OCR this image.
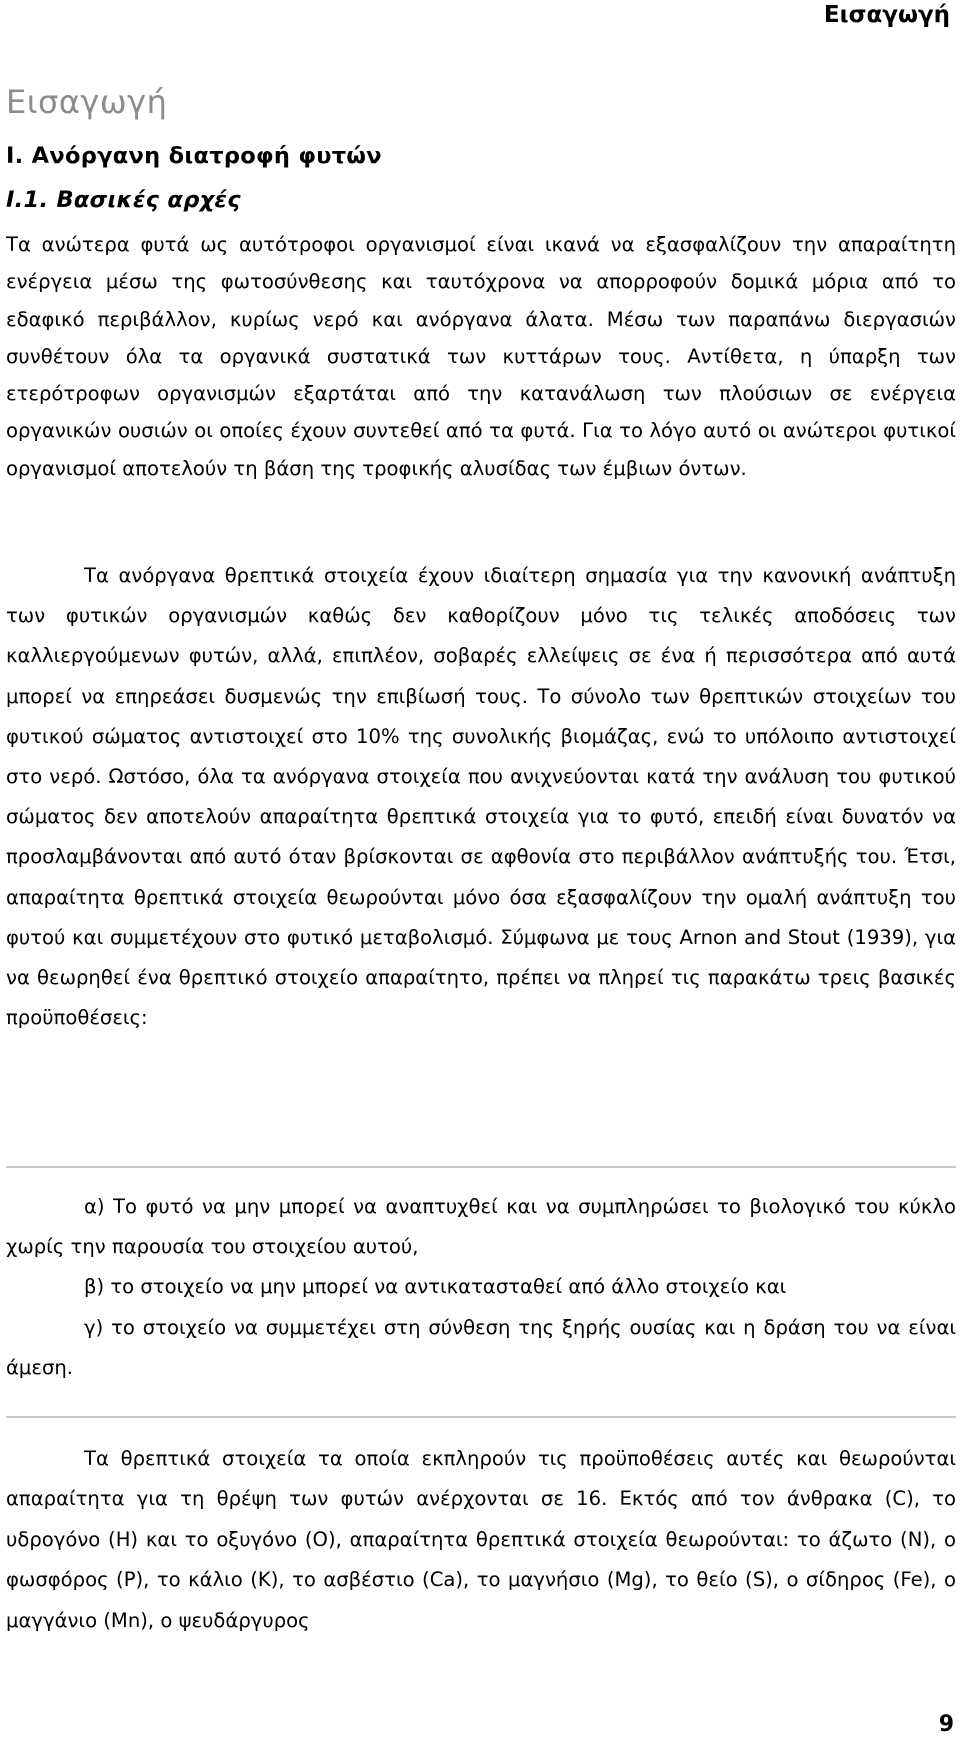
Εισαγωγή
Εισαγωγή
Ι. Ανόργανη διατροφή φυτών
Ι.1. Βασικές αρχές

Τα ανώτερα φυτά ως αυτότροφοι οργανισμοί είναι ικανά να εξασφαλίζουν την απαραίτητη ενέργεια μέσω της φωτοσύνθεσης και ταυτόχρονα να απορροφούν δομικά μόρια από το εδαφικό περιβάλλον, κυρίως νερό και ανόργανα άλατα. Μέσω των παραπάνω διεργασιών συνθέτουν όλα τα οργανικά συστατικά των κυττάρων τους. Αντίθετα, η ύπαρξη των ετερότροφων οργανισμών εξαρτάται από την κατανάλωση των πλούσιων σε ενέργεια οργανικών ουσιών οι οποίες έχουν συντεθεί από τα φυτά. Για το λόγο αυτό οι ανώτεροι φυτικοί οργανισμοί αποτελούν τη βάση της τροφικής αλυσίδας των έμβιων όντων.

Τα ανόργανα θρεπτικά στοιχεία έχουν ιδιαίτερη σημασία για την κανονική ανάπτυξη των φυτικών οργανισμών καθώς δεν καθορίζουν μόνο τις τελικές αποδόσεις των καλλιεργούμενων φυτών, αλλά, επιπλέον, σοβαρές ελλείψεις σε ένα ή περισσότερα από αυτά μπορεί να επηρεάσει δυσμενώς την επιβίωσή τους. Το σύνολο των θρεπτικών στοιχείων του φυτικού σώματος αντιστοιχεί στο 10% της συνολικής βιομάζας, ενώ το υπόλοιπο αντιστοιχεί στο νερό. Ωστόσο, όλα τα ανόργανα στοιχεία που ανιχνεύονται κατά την ανάλυση του φυτικού σώματος δεν αποτελούν απαραίτητα θρεπτικά στοιχεία για το φυτό, επειδή είναι δυνατόν να προσλαμβάνονται από αυτό όταν βρίσκονται σε αφθονία στο περιβάλλον ανάπτυξής του. Έτσι, απαραίτητα θρεπτικά στοιχεία θεωρούνται μόνο όσα εξασφαλίζουν την ομαλή ανάπτυξη του φυτού και συμμετέχουν στο φυτικό μεταβολισμό. Σύμφωνα με τους Arnon and Stout (1939), για να θεωρηθεί ένα θρεπτικό στοιχείο απαραίτητο, πρέπει να πληρεί τις παρακάτω τρεις βασικές προϋποθέσεις:

α) Το φυτό να μην μπορεί να αναπτυχθεί και να συμπληρώσει το βιολογικό του κύκλο χωρίς την παρουσία του στοιχείου αυτού,

β) το στοιχείο να μην μπορεί να αντικατασταθεί από άλλο στοιχείο και

γ) το στοιχείο να συμμετέχει στη σύνθεση της ξηρής ουσίας και η δράση του να είναι άμεση.

Τα θρεπτικά στοιχεία τα οποία εκπληρούν τις προϋποθέσεις αυτές και θεωρούνται απαραίτητα για τη θρέψη των φυτών ανέρχονται σε 16. Εκτός από τον άνθρακα (C), το υδρογόνο (H) και το οξυγόνο (O), απαραίτητα θρεπτικά στοιχεία θεωρούνται: το άζωτο (N), ο φωσφόρος (P), το κάλιο (K), το ασβέστιο (Ca), το μαγνήσιο (Mg), το θείο (S), ο σίδηρος (Fe), ο μαγγάνιο (Mn), ο ψευδάργυρος

9
